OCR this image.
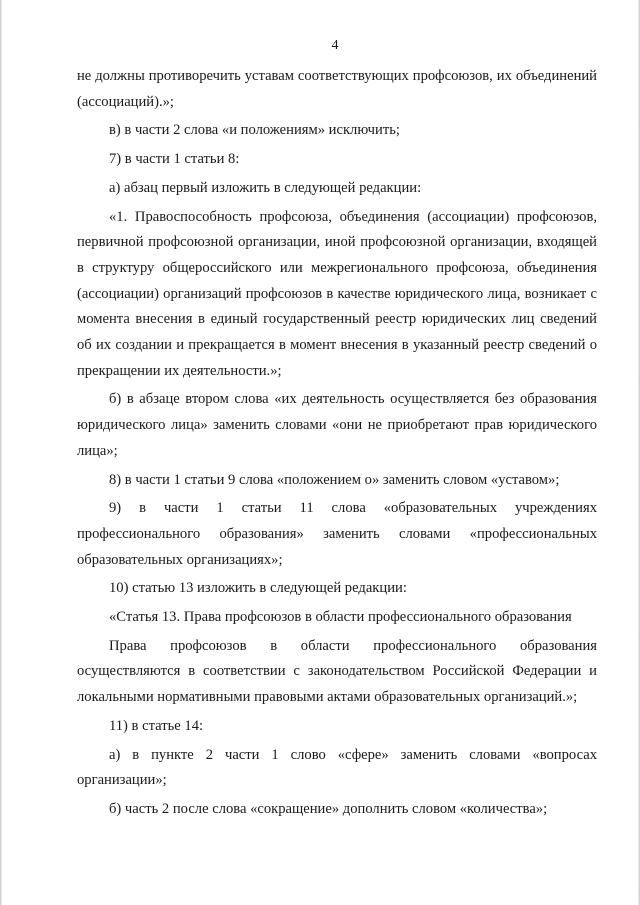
4

не должны противоречить уставам соответствующих профсоюзов, их объединений (ассоциаций).»;

в) в части 2 слова «и положениям» исключить;

7) в части 1 статьи 8:

а) абзац первый изложить в следующей редакции:

«1. Правоспособность профсоюза, объединения (ассоциации) профсоюзов, первичной профсоюзной организации, иной профсоюзной организации, входящей в структуру общероссийского или межрегионального профсоюза, объединения (ассоциации) организаций профсоюзов в качестве юридического лица, возникает с момента внесения в единый государственный реестр юридических лиц сведений об их создании и прекращается в момент внесения в указанный реестр сведений о прекращении их деятельности.»;

б) в абзаце втором слова «их деятельность осуществляется без образования юридического лица» заменить словами «они не приобретают прав юридического лица»;

8) в части 1 статьи 9 слова «положением о» заменить словом «уставом»;

9) в части 1 статьи 11 слова «образовательных учреждениях профессионального образования» заменить словами «профессиональных образовательных организациях»;

10) статью 13 изложить в следующей редакции:

«Статья 13. Права профсоюзов в области профессионального образования

Права профсоюзов в области профессионального образования осуществляются в соответствии с законодательством Российской Федерации и локальными нормативными правовыми актами образовательных организаций.»;

11) в статье 14:

а) в пункте 2 части 1 слово «сфере» заменить словами «вопросах организации»;

б) часть 2 после слова «сокращение» дополнить словом «количества»;
